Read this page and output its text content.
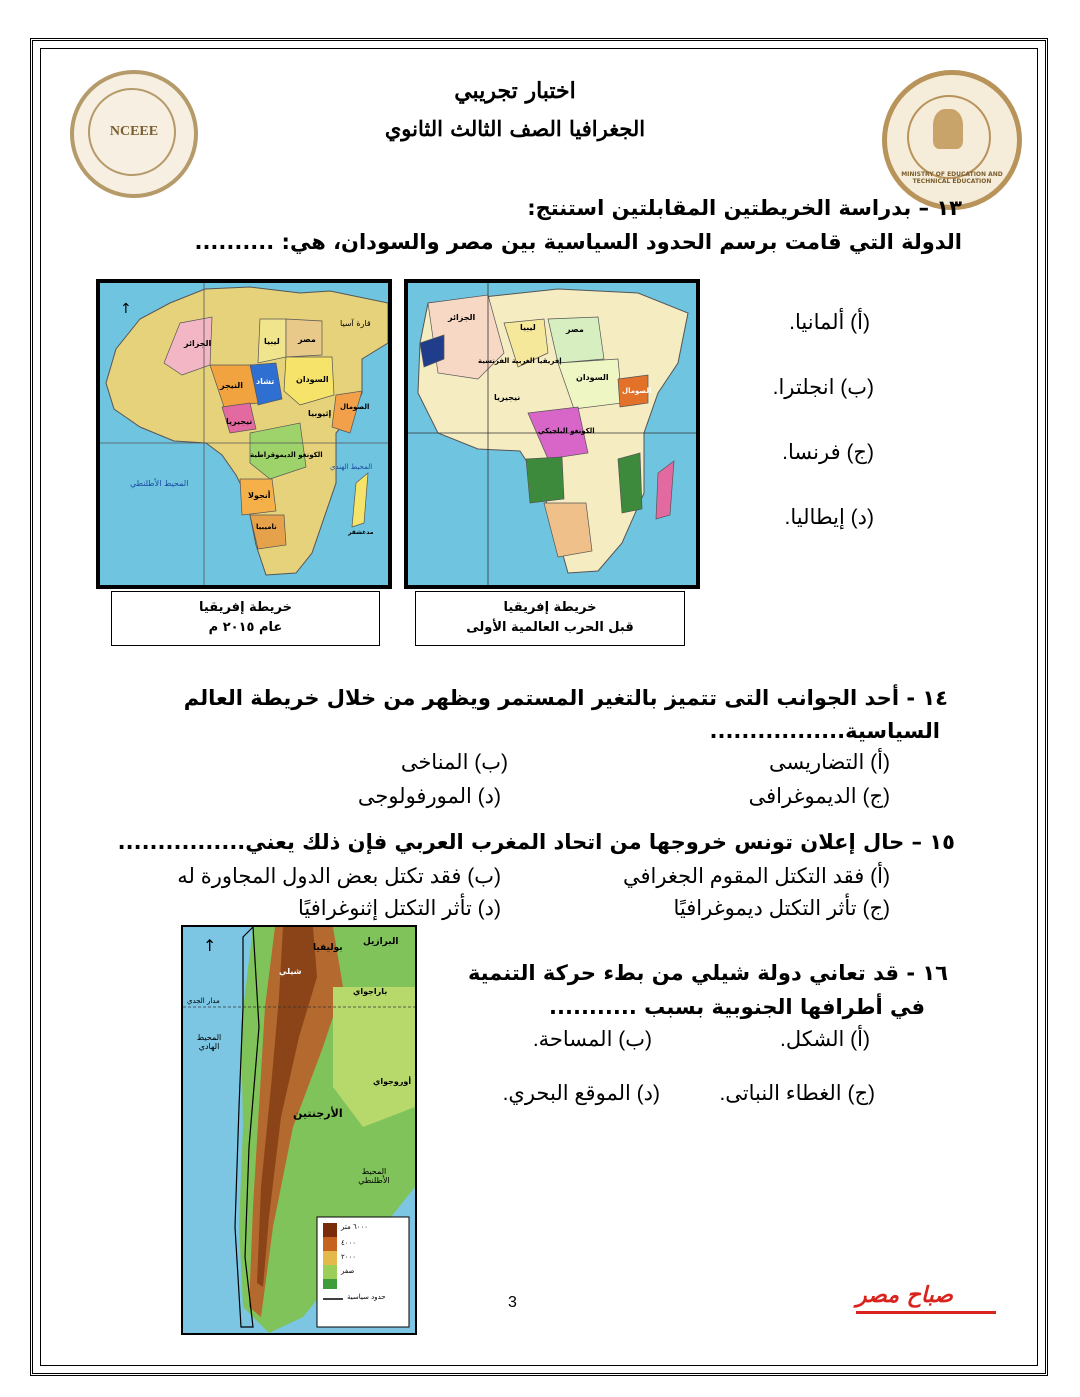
NCEEE
MINISTRY OF EDUCATION AND TECHNICAL EDUCATION
اختبار تجريبي
الجغرافيا الصف الثالث الثانوي
١٣ – بدراسة الخريطتين المقابلتين استنتج:
الدولة التي قامت برسم الحدود السياسية بين مصر والسودان، هي: ..........
↑
قارة آسيا
ليبيا مصر
الجزائر
السودان
تشاد
النيجر
نيجيريا
إثيوبيا
الصومال
الكونغو الديموقراطية
أنجولا
ناميبيا
المحيط الأطلنطي
المحيط الهندي
مدغشقر
الجزائر
ليبيا	مصر
إفريقيا الغربية الفرنسية
السودان
نيجيريا
الكونغو البلجيكي
الصومال
خريطة إفريقيا
عام ٢٠١٥ م
خريطة إفريقيا
قبل الحرب العالمية الأولى
(أ) ألمانيا.
(ب) انجلترا.
(ج) فرنسا.
(د) إيطاليا.
١٤ - أحد الجوانب التى تتميز بالتغير المستمر ويظهر من خلال خريطة العالم
السياسية.................
(أ) التضاريسى
(ب) المناخى
(ج) الديموغرافى
(د) المورفولوجى
١٥ – حال إعلان تونس خروجها من اتحاد المغرب العربي فإن ذلك يعني................
(أ) فقد التكتل المقوم الجغرافي
(ب) فقد تكتل بعض الدول المجاورة له
(ج) تأثر التكتل ديموغرافيًا
(د) تأثر التكتل إثنوغرافيًا
↑	بوليفيا
البرازيل
مدار الجدي
المحيط الهادي
باراجواي
الأرجنتين
المحيط الأطلنطي
أوروجواي
شيلي
٦٠٠٠ متر
٤٠٠٠
٢٠٠٠
صفر
حدود سياسية
١٦ - قد تعاني دولة شيلي من بطء حركة التنمية
في أطرافها الجنوبية بسبب ...........
(أ) الشكل.
(ب) المساحة.
(ج) الغطاء النباتى.
(د) الموقع البحري.
3	صباح مصر
